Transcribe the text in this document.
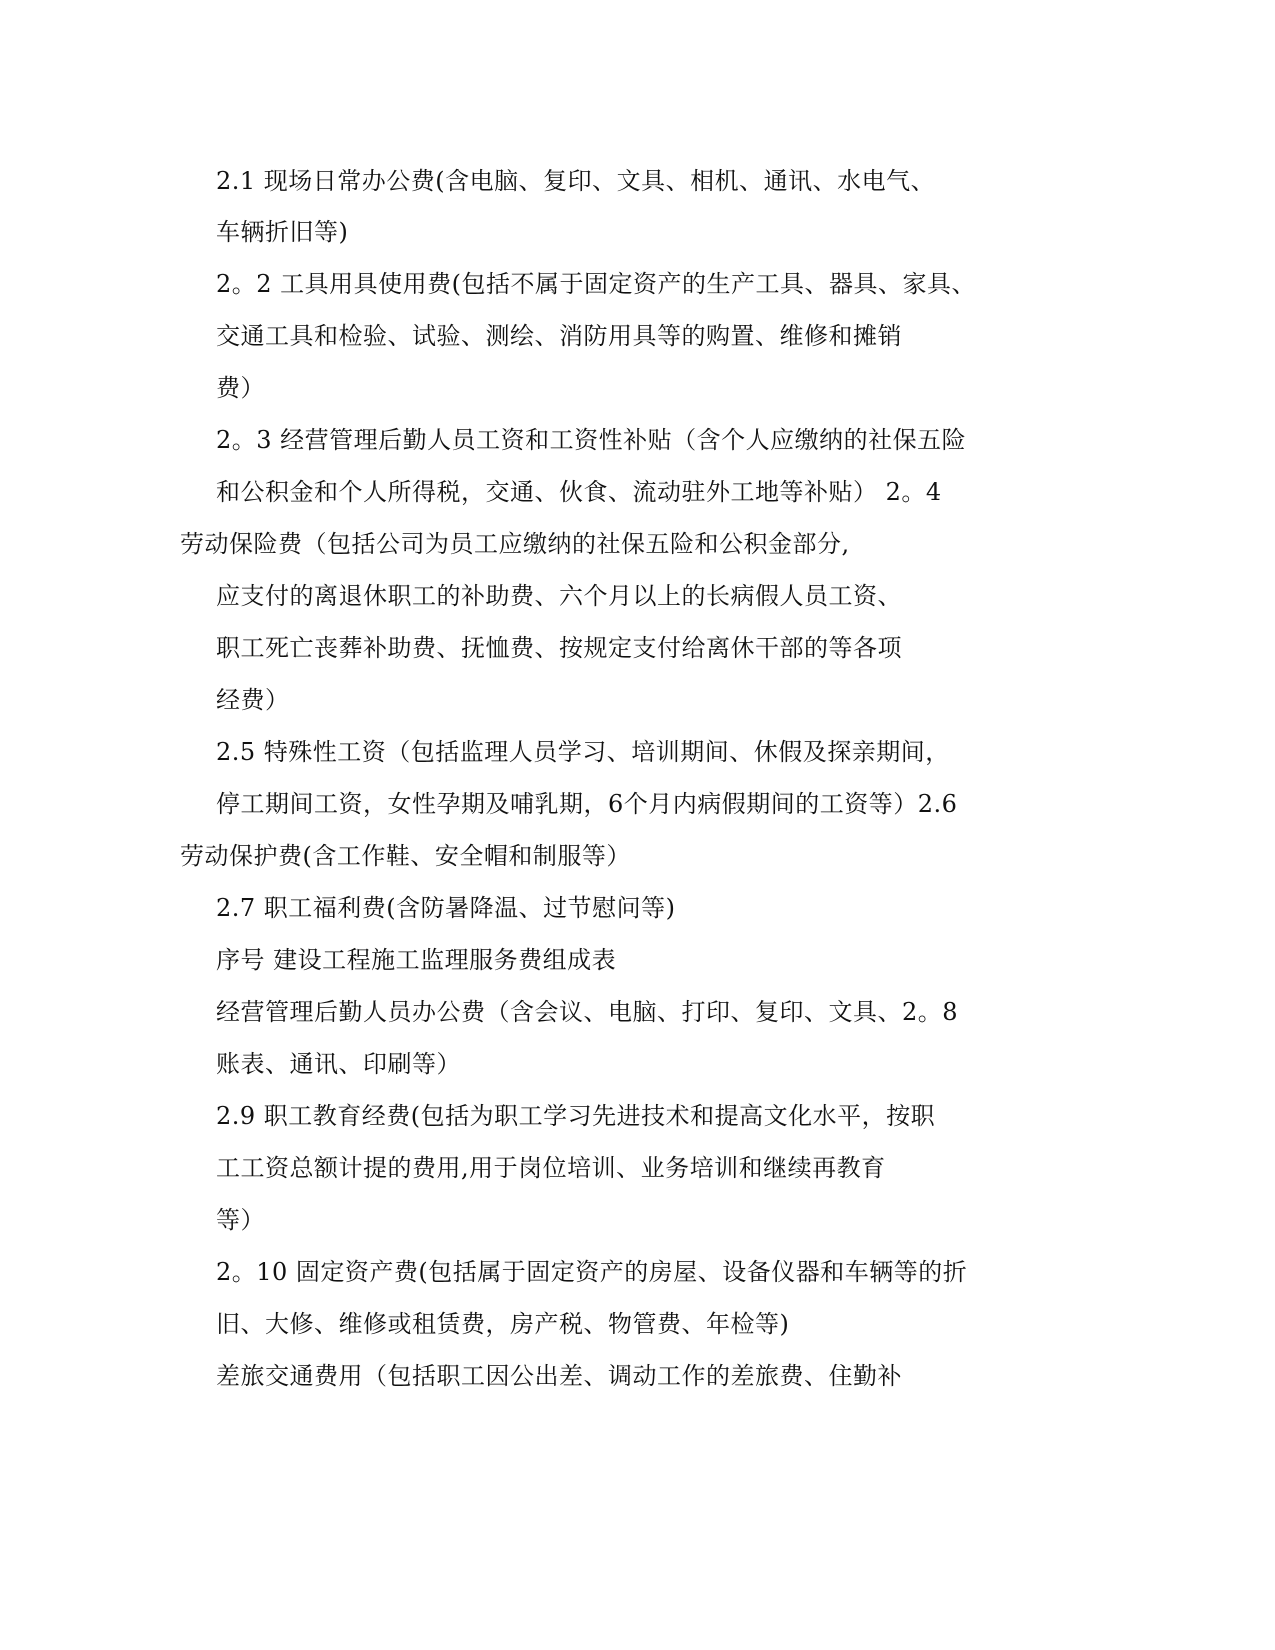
2.1 现场日常办公费(含电脑、复印、文具、相机、通讯、水电气、
车辆折旧等)
2。2 工具用具使用费(包括不属于固定资产的生产工具、器具、家具、
交通工具和检验、试验、测绘、消防用具等的购置、维修和摊销
费）
2。3 经营管理后勤人员工资和工资性补贴（含个人应缴纳的社保五险
和公积金和个人所得税，交通、伙食、流动驻外工地等补贴） 2。4
劳动保险费（包括公司为员工应缴纳的社保五险和公积金部分,
应支付的离退休职工的补助费、六个月以上的长病假人员工资、
职工死亡丧葬补助费、抚恤费、按规定支付给离休干部的等各项
经费）
2.5 特殊性工资（包括监理人员学习、培训期间、休假及探亲期间，
停工期间工资，女性孕期及哺乳期，6个月内病假期间的工资等）2.6
劳动保护费(含工作鞋、安全帽和制服等）
2.7 职工福利费(含防暑降温、过节慰问等)
序号 建设工程施工监理服务费组成表
经营管理后勤人员办公费（含会议、电脑、打印、复印、文具、2。8
账表、通讯、印刷等）
2.9 职工教育经费(包括为职工学习先进技术和提高文化水平，按职
工工资总额计提的费用,用于岗位培训、业务培训和继续再教育
等）
2。10 固定资产费(包括属于固定资产的房屋、设备仪器和车辆等的折
旧、大修、维修或租赁费，房产税、物管费、年检等)
差旅交通费用（包括职工因公出差、调动工作的差旅费、住勤补
